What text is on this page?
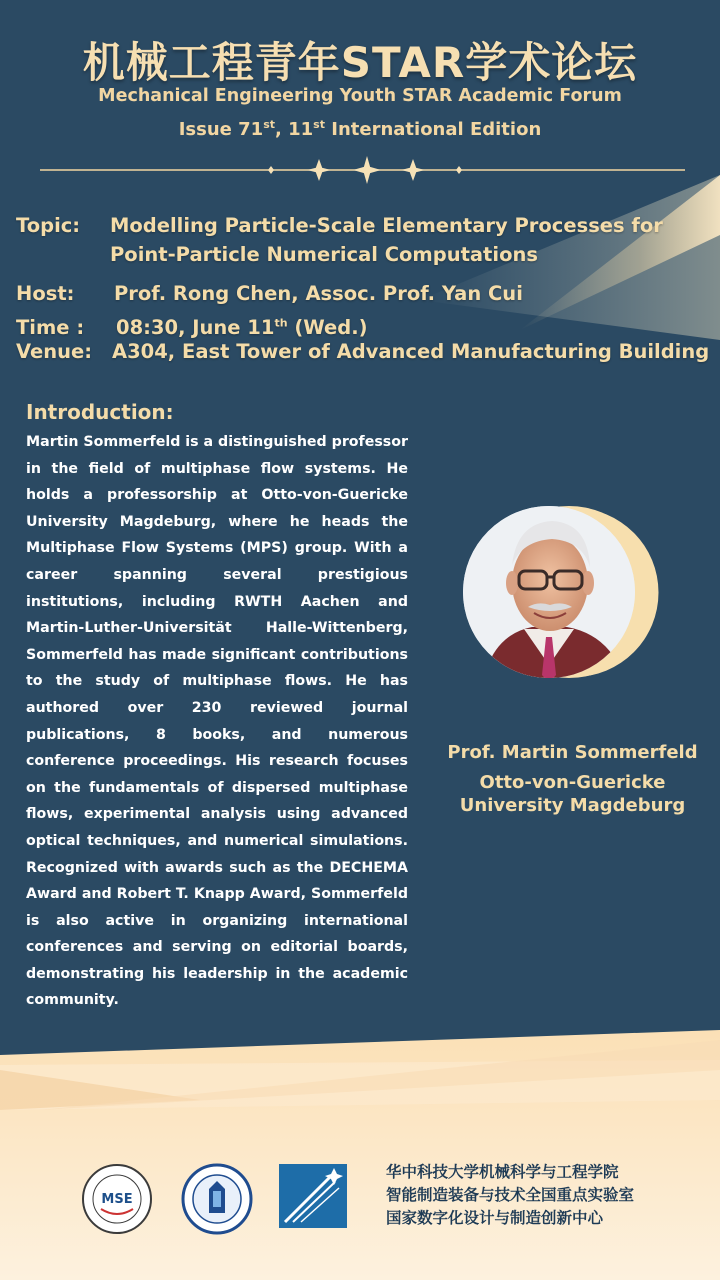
机械工程青年STAR学术论坛
Mechanical Engineering Youth STAR Academic Forum
Issue 71st, 11st International Edition
Topic: Modelling Particle-Scale Elementary Processes for
Point-Particle Numerical Computations
Host: Prof. Rong Chen, Assoc. Prof. Yan Cui
Time : 08:30, June 11th (Wed.)
Venue: A304, East Tower of Advanced Manufacturing Building
Introduction:
Martin Sommerfeld is a distinguished professor in the field of multiphase flow systems. He holds a professorship at Otto-von-Guericke University Magdeburg, where he heads the Multiphase Flow Systems (MPS) group. With a career spanning several prestigious institutions, including RWTH Aachen and Martin-Luther-Universität Halle-Wittenberg, Sommerfeld has made significant contributions to the study of multiphase flows. He has authored over 230 reviewed journal publications, 8 books, and numerous conference proceedings. His research focuses on the fundamentals of dispersed multiphase flows, experimental analysis using advanced optical techniques, and numerical simulations. Recognized with awards such as the DECHEMA Award and Robert T. Knapp Award, Sommerfeld is also active in organizing international conferences and serving on editorial boards, demonstrating his leadership in the academic community.
Prof. Martin Sommerfeld
Otto-von-Guericke
University Magdeburg
MSE
华中科技大学机械科学与工程学院
智能制造装备与技术全国重点实验室
国家数字化设计与制造创新中心
